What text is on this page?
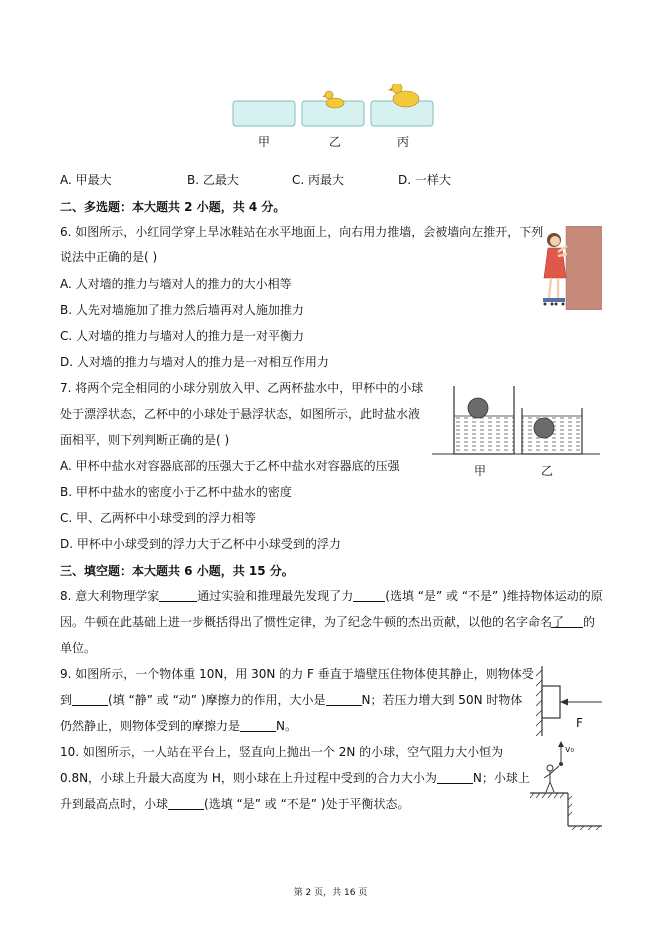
甲	乙	丙
A. 甲最大	B. 乙最大	C. 丙最大	D. 一样大
二、多选题：本大题共 2 小题，共 4 分。
6. 如图所示，小红同学穿上旱冰鞋站在水平地面上，向右用力推墙，会被墙向左推开，下列
说法中正确的是( )
A. 人对墙的推力与墙对人的推力的大小相等
B. 人先对墙施加了推力然后墙再对人施加推力
C. 人对墙的推力与墙对人的推力是一对平衡力
D. 人对墙的推力与墙对人的推力是一对相互作用力
7. 将两个完全相同的小球分别放入甲、乙两杯盐水中，甲杯中的小球
处于漂浮状态，乙杯中的小球处于悬浮状态，如图所示，此时盐水液
面相平，则下列判断正确的是( )
A. 甲杯中盐水对容器底部的压强大于乙杯中盐水对容器底的压强
B. 甲杯中盐水的密度小于乙杯中盐水的密度
C. 甲、乙两杯中小球受到的浮力相等
D. 甲杯中小球受到的浮力大于乙杯中小球受到的浮力
甲	乙
三、填空题：本大题共 6 小题，共 15 分。
8. 意大利物理学家	通过实验和推理最先发现了力	(选填 “是” 或 “不是” )维持物体运动的原
因。牛顿在此基础上进一步概括得出了惯性定律，为了纪念牛顿的杰出贡献，以他的名字命名了	的
单位。
9. 如图所示，一个物体重 10N，用 30N 的力 F 垂直于墙壁压住物体使其静止，则物体受
到	(填 “静” 或 “动” )摩擦力的作用，大小是	N；若压力增大到 50N 时物体
仍然静止，则物体受到的摩擦力是	N。	F
10. 如图所示，一人站在平台上，竖直向上抛出一个 2N 的小球，空气阻力大小恒为
0.8N，小球上升最大高度为 H，则小球在上升过程中受到的合力大小为	N；小球上
升到最高点时，小球	(选填 “是” 或 “不是” )处于平衡状态。
v₀
第 2 页，共 16 页
